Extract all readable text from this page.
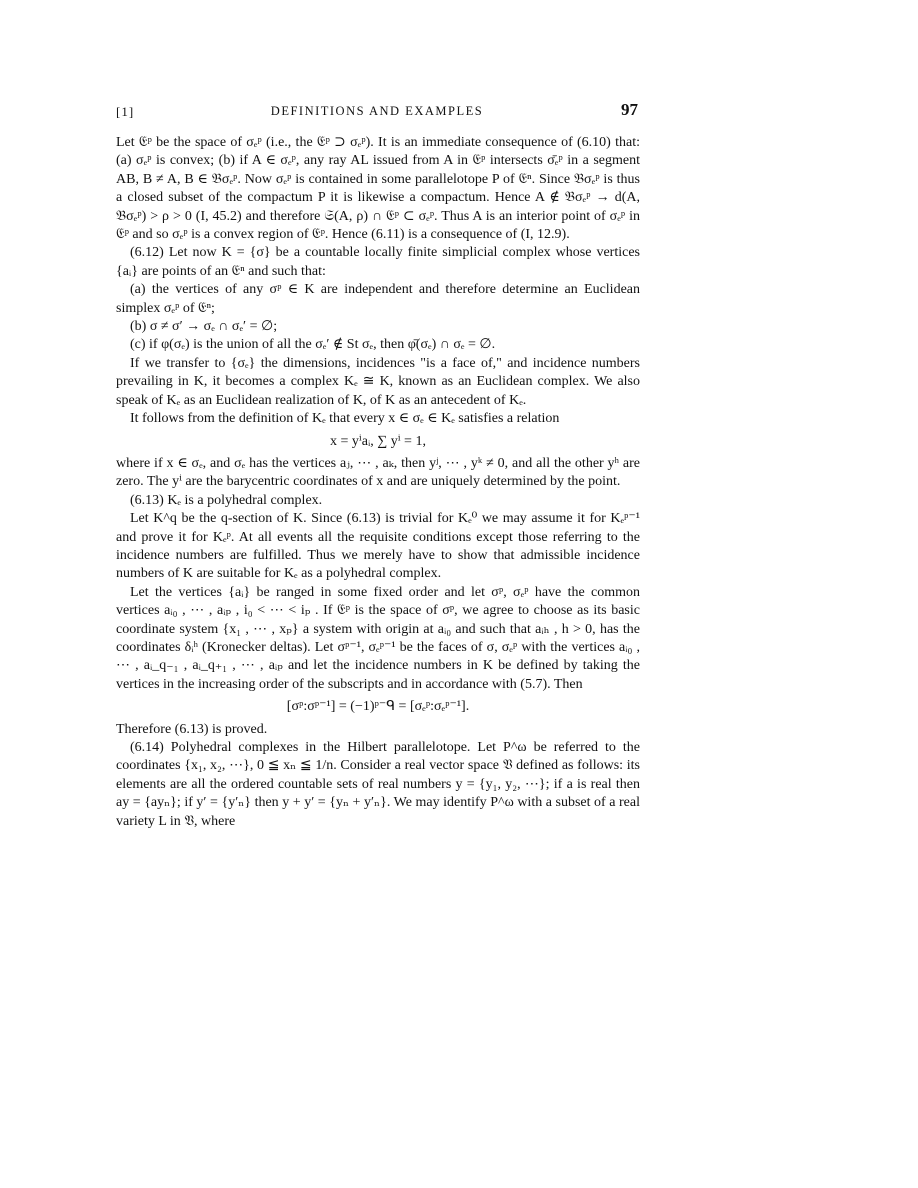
[1]	DEFINITIONS AND EXAMPLES	97

Let 𝔈ᵖ be the space of σₑᵖ (i.e., the 𝔈ᵖ ⊃ σₑᵖ). It is an immediate consequence of (6.10) that: (a) σₑᵖ is convex; (b) if A ∈ σₑᵖ, any ray AL issued from A in 𝔈ᵖ intersects σ̄ₑᵖ in a segment AB, B ≠ A, B ∈ 𝔅σₑᵖ. Now σₑᵖ is contained in some parallelotope P of 𝔈ⁿ. Since 𝔅σₑᵖ is thus a closed subset of the compactum P it is likewise a compactum. Hence A ∉ 𝔅σₑᵖ → d(A, 𝔅σₑᵖ) > ρ > 0 (I, 45.2) and therefore 𝔖(A, ρ) ∩ 𝔈ᵖ ⊂ σₑᵖ. Thus A is an interior point of σₑᵖ in 𝔈ᵖ and so σₑᵖ is a convex region of 𝔈ᵖ. Hence (6.11) is a consequence of (I, 12.9).

(6.12) Let now K = {σ} be a countable locally finite simplicial complex whose vertices {aᵢ} are points of an 𝔈ⁿ and such that:

(a) the vertices of any σᵖ ∈ K are independent and therefore determine an Euclidean simplex σₑᵖ of 𝔈ⁿ;

(b) σ ≠ σ′ → σₑ ∩ σₑ′ = ∅;

(c) if φ(σₑ) is the union of all the σₑ′ ∉ St σₑ, then φ̄(σₑ) ∩ σₑ = ∅.

If we transfer to {σₑ} the dimensions, incidences "is a face of," and incidence numbers prevailing in K, it becomes a complex Kₑ ≅ K, known as an Euclidean complex. We also speak of Kₑ as an Euclidean realization of K, of K as an antecedent of Kₑ.

It follows from the definition of Kₑ that every x ∈ σₑ ∈ Kₑ satisfies a relation

x = yⁱaᵢ, ∑ yⁱ = 1,

where if x ∈ σₑ, and σₑ has the vertices aⱼ, ⋯ , aₖ, then yʲ, ⋯ , yᵏ ≠ 0, and all the other yʰ are zero. The yⁱ are the barycentric coordinates of x and are uniquely determined by the point.

(6.13) Kₑ is a polyhedral complex.

Let K^q be the q-section of K. Since (6.13) is trivial for Kₑ⁰ we may assume it for Kₑᵖ⁻¹ and prove it for Kₑᵖ. At all events all the requisite conditions except those referring to the incidence numbers are fulfilled. Thus we merely have to show that admissible incidence numbers of K are suitable for Kₑ as a polyhedral complex.

Let the vertices {aᵢ} be ranged in some fixed order and let σᵖ, σₑᵖ have the common vertices aᵢ₀ , ⋯ , aᵢₚ , i₀ < ⋯ < iₚ . If 𝔈ᵖ is the space of σᵖ, we agree to choose as its basic coordinate system {x₁ , ⋯ , xₚ} a system with origin at aᵢ₀ and such that aᵢₕ , h > 0, has the coordinates δᵢʰ (Kronecker deltas). Let σᵖ⁻¹, σₑᵖ⁻¹ be the faces of σ, σₑᵖ with the vertices aᵢ₀ , ⋯ , aᵢ_q₋₁ , aᵢ_q₊₁ , ⋯ , aᵢₚ and let the incidence numbers in K be defined by taking the vertices in the increasing order of the subscripts and in accordance with (5.7). Then

[σᵖ:σᵖ⁻¹] = (−1)ᵖ⁻ᑫ = [σₑᵖ:σₑᵖ⁻¹].

Therefore (6.13) is proved.

(6.14) Polyhedral complexes in the Hilbert parallelotope. Let P^ω be referred to the coordinates {x₁, x₂, ⋯}, 0 ≦ xₙ ≦ 1/n. Consider a real vector space 𝔙 defined as follows: its elements are all the ordered countable sets of real numbers y = {y₁, y₂, ⋯}; if a is real then ay = {ayₙ}; if y′ = {y′ₙ} then y + y′ = {yₙ + y′ₙ}. We may identify P^ω with a subset of a real variety L in 𝔙, where
